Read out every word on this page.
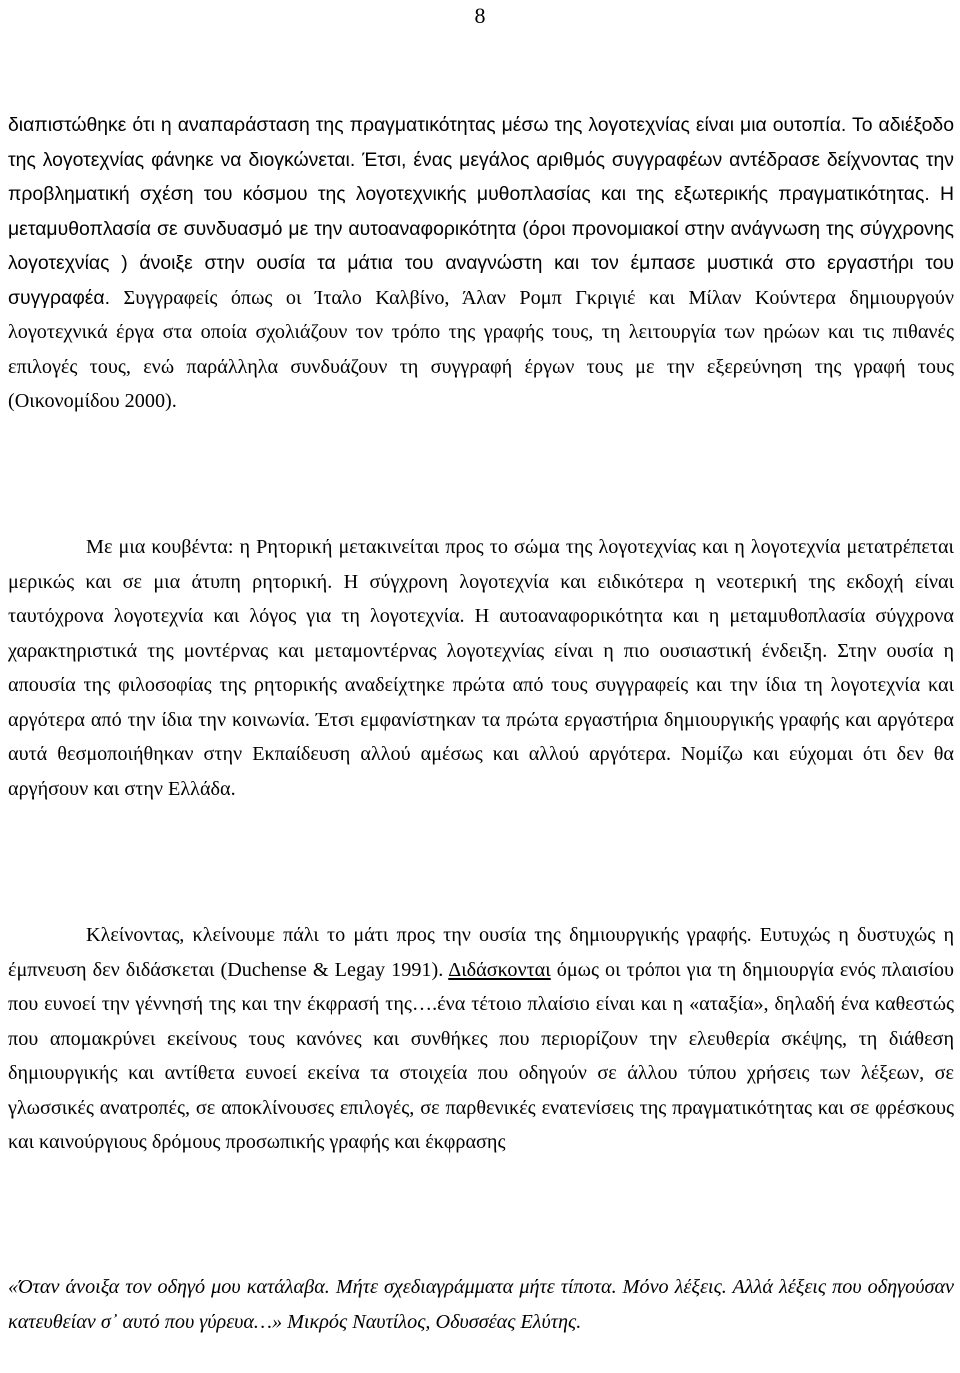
8

διαπιστώθηκε ότι η αναπαράσταση της πραγματικότητας μέσω της λογοτεχνίας είναι μια ουτοπία. Το αδιέξοδο της λογοτεχνίας φάνηκε να διογκώνεται. Έτσι, ένας μεγάλος αριθμός συγγραφέων αντέδρασε δείχνοντας την προβληματική σχέση του κόσμου της λογοτεχνικής μυθοπλασίας και της εξωτερικής πραγματικότητας. Η μεταμυθοπλασία σε συνδυασμό με την αυτοαναφορικότητα (όροι προνομιακοί στην ανάγνωση της σύγχρονης λογοτεχνίας ) άνοιξε στην ουσία τα μάτια του αναγνώστη και τον έμπασε μυστικά στο εργαστήρι του συγγραφέα. Συγγραφείς όπως οι Ίταλο Καλβίνο, Άλαν Ρομπ Γκριγιέ και Μίλαν Κούντερα δημιουργούν λογοτεχνικά έργα στα οποία σχολιάζουν τον τρόπο της γραφής τους, τη λειτουργία των ηρώων και τις πιθανές επιλογές τους, ενώ παράλληλα συνδυάζουν τη συγγραφή έργων τους με την εξερεύνηση της γραφή τους (Οικονομίδου 2000).

Με μια κουβέντα: η Ρητορική μετακινείται προς το σώμα της λογοτεχνίας και η λογοτεχνία μετατρέπεται μερικώς και σε μια άτυπη ρητορική. Η σύγχρονη λογοτεχνία και ειδικότερα η νεοτερική της εκδοχή είναι ταυτόχρονα λογοτεχνία και λόγος για τη λογοτεχνία. Η αυτοαναφορικότητα και η μεταμυθοπλασία σύγχρονα χαρακτηριστικά της μοντέρνας και μεταμοντέρνας λογοτεχνίας είναι η πιο ουσιαστική ένδειξη. Στην ουσία η απουσία της φιλοσοφίας της ρητορικής αναδείχτηκε πρώτα από τους συγγραφείς και την ίδια τη λογοτεχνία και αργότερα από την ίδια την κοινωνία. Έτσι εμφανίστηκαν τα πρώτα εργαστήρια δημιουργικής γραφής και αργότερα αυτά θεσμοποιήθηκαν στην Εκπαίδευση αλλού αμέσως και αλλού αργότερα. Νομίζω και εύχομαι ότι δεν θα αργήσουν και στην Ελλάδα.

Κλείνοντας, κλείνουμε πάλι το μάτι προς την ουσία της δημιουργικής γραφής. Ευτυχώς η δυστυχώς η έμπνευση δεν διδάσκεται (Duchense & Legay 1991). Διδάσκονται όμως οι τρόποι για τη δημιουργία ενός πλαισίου που ευνοεί την γέννησή της και την έκφρασή της….ένα τέτοιο πλαίσιο είναι και η «αταξία», δηλαδή ένα καθεστώς που απομακρύνει εκείνους τους κανόνες και συνθήκες που περιορίζουν την ελευθερία σκέψης, τη διάθεση δημιουργικής και αντίθετα ευνοεί εκείνα τα στοιχεία που οδηγούν σε άλλου τύπου χρήσεις των λέξεων, σε γλωσσικές ανατροπές, σε αποκλίνουσες επιλογές, σε παρθενικές ενατενίσεις της πραγματικότητας και σε φρέσκους και καινούργιους δρόμους προσωπικής γραφής και έκφρασης

«Όταν άνοιξα τον οδηγό μου κατάλαβα. Μήτε σχεδιαγράμματα μήτε τίποτα. Μόνο λέξεις. Αλλά λέξεις που οδηγούσαν κατευθείαν σ᾽ αυτό που γύρευα…» Μικρός Ναυτίλος, Οδυσσέας Ελύτης.
